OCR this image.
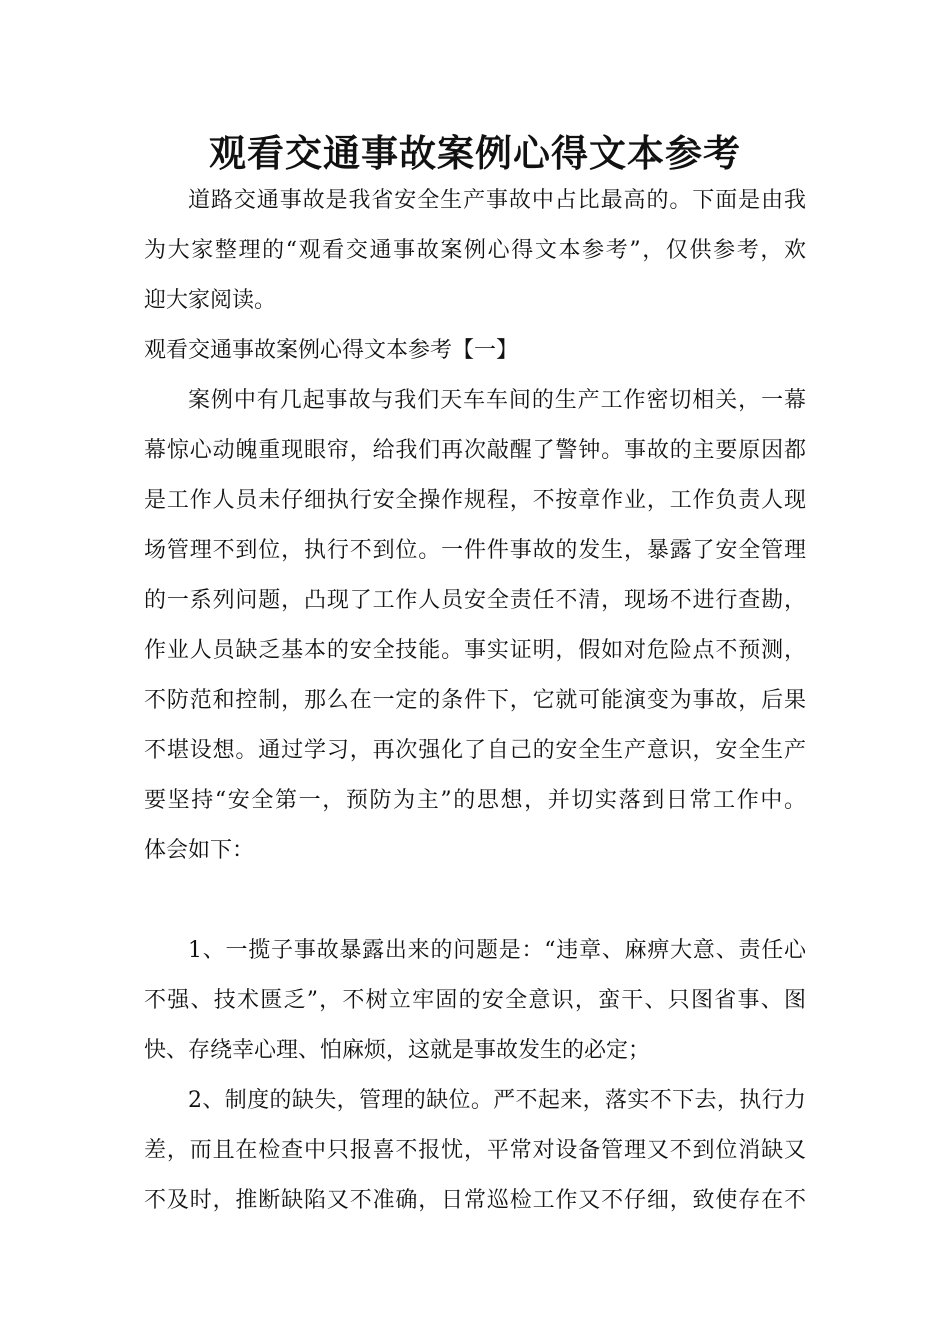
观看交通事故案例心得文本参考
道路交通事故是我省安全生产事故中占比最高的。下面是由我
为大家整理的“观看交通事故案例心得文本参考”，仅供参考，欢
迎大家阅读。
观看交通事故案例心得文本参考【一】
案例中有几起事故与我们天车车间的生产工作密切相关，一幕
幕惊心动魄重现眼帘，给我们再次敲醒了警钟。事故的主要原因都
是工作人员未仔细执行安全操作规程，不按章作业，工作负责人现
场管理不到位，执行不到位。一件件事故的发生，暴露了安全管理
的一系列问题，凸现了工作人员安全责任不清，现场不进行查勘，
作业人员缺乏基本的安全技能。事实证明，假如对危险点不预测，
不防范和控制，那么在一定的条件下，它就可能演变为事故，后果
不堪设想。通过学习，再次强化了自己的安全生产意识，安全生产
要坚持“安全第一，预防为主”的思想，并切实落到日常工作中。
体会如下：
1、一揽子事故暴露出来的问题是：“违章、麻痹大意、责任心
不强、技术匮乏”，不树立牢固的安全意识，蛮干、只图省事、图
快、存绕幸心理、怕麻烦，这就是事故发生的必定；
2、制度的缺失，管理的缺位。严不起来，落实不下去，执行力
差，而且在检查中只报喜不报忧，平常对设备管理又不到位消缺又
不及时，推断缺陷又不准确，日常巡检工作又不仔细，致使存在不
